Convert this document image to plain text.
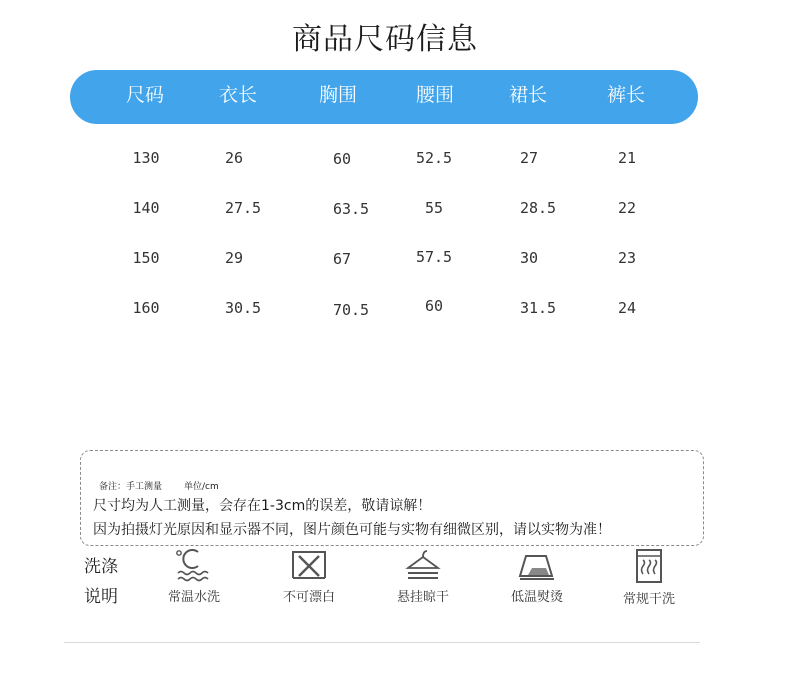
商品尺码信息
尺码	衣长	胸围	腰围	裙长	裤长
130	26	60	52.5	27	21
140	27.5	63.5	55	28.5	22
150	29	67	57.5	30	23
160	30.5	70.5	60	31.5	24
备注：手工测量 单位/cm
尺寸均为人工测量，会存在1-3cm的误差，敬请谅解！
因为拍摄灯光原因和显示器不同，图片颜色可能与实物有细微区别，请以实物为准！
洗涤
说明	常温水洗	不可漂白	悬挂晾干	低温熨烫	常规干洗
